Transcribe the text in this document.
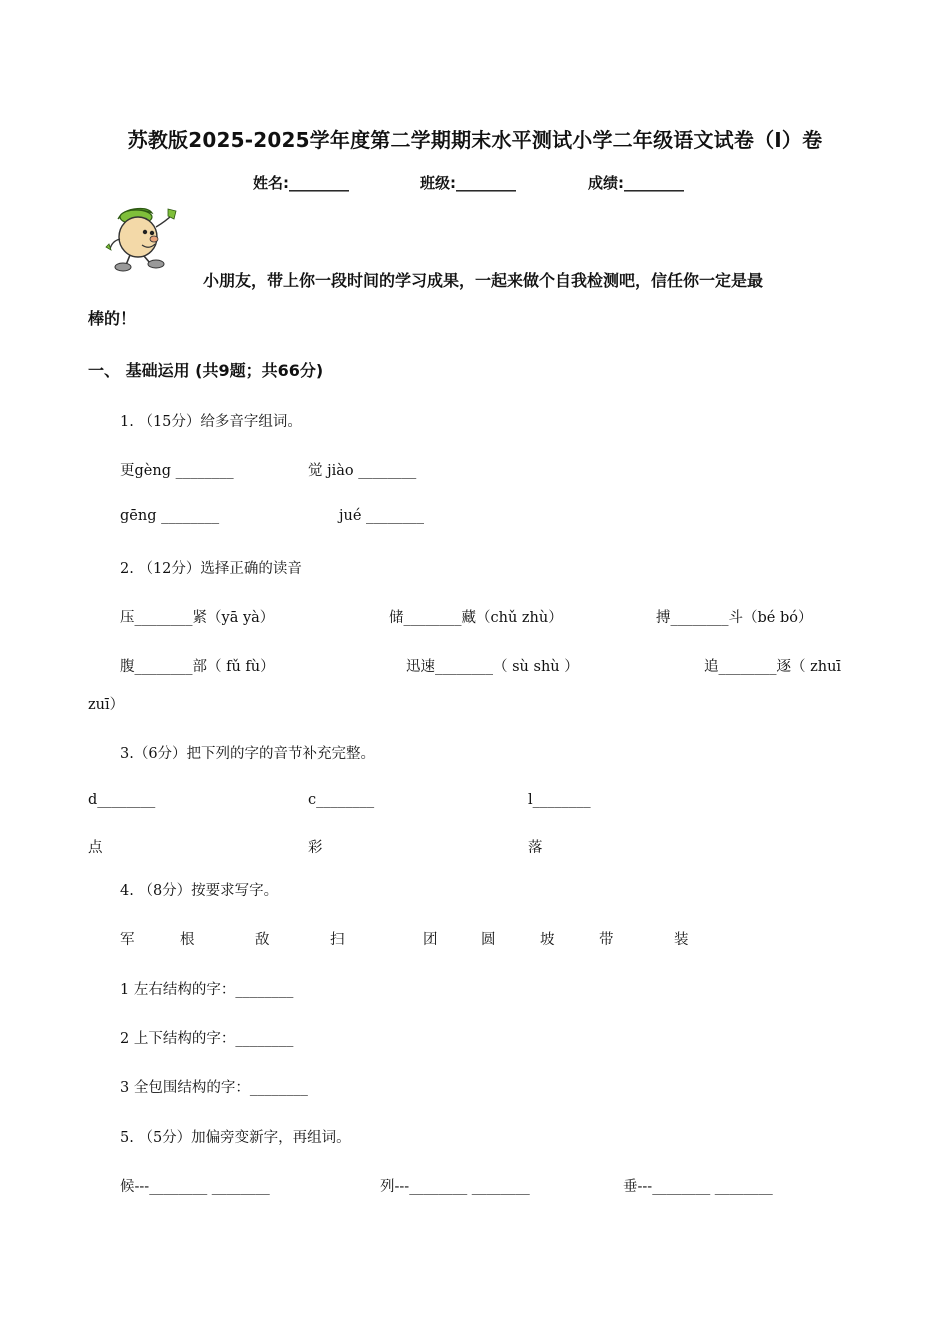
苏教版2025-2025学年度第二学期期末水平测试小学二年级语文试卷（I）卷
姓名:________	班级:________	成绩:________
小朋友，带上你一段时间的学习成果，一起来做个自我检测吧，信任你一定是最
棒的！
一、 基础运用 (共9题；共66分)
1. （15分）给多音字组词。
更gèng ________	觉 jiào ________
gēng ________	jué ________
2. （12分）选择正确的读音
压________紧（yā yà）	储________藏（chǔ zhù）	搏________斗（bé bó）
腹________部（ fǔ fù）	迅速________（ sù shù ）	追________逐（ zhuī
zuī）
3.（6分）把下列的字的音节补充完整。
d________	c________	l________
点	彩	落
4. （8分）按要求写字。
军	根	敌	扫	团	圆	坡	带	装
1 左右结构的字：________
2 上下结构的字：________
3 全包围结构的字：________
5. （5分）加偏旁变新字，再组词。
候---________ ________	列---________ ________	垂---________ ________
